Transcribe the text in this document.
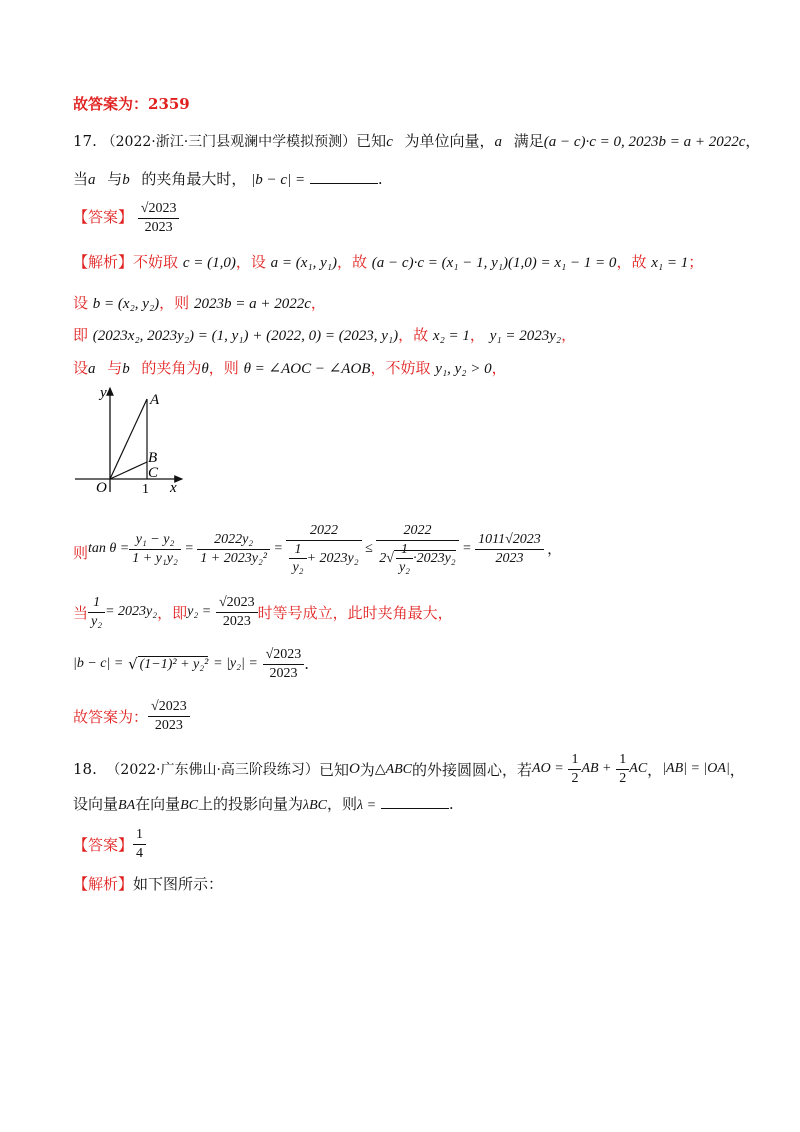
故答案为：2359
17. （2022·浙江·三门县观澜中学模拟预测）已知c⃗为单位向量，a⃗满足(a − c)·c = 0, 2023b = a + 2022c，
当a⃗与b⃗的夹角最大时， |b − c| =	.
【答案】 $\frac{√2023}{2023}$
【解析】不妨取 c = (1,0)，设 a = (x₁, y₁)，故 (a − c)·c = (x₁ − 1, y₁)(1,0) = x₁ − 1 = 0，故 x₁ = 1；
设 b = (x₂, y₂)，则 2023b = a + 2022c，
即 (2023x₂, 2023y₂) = (1, y₁) + (2022, 0) = (2023, y₁)，故 x₂ = 1， y₁ = 2023y₂，
设a⃗与b⃗的夹角为θ，则 θ = ∠AOC − ∠AOB，不妨取 y₁, y₂ > 0，
y
x
O
A
B
C
1
则 $\tan \theta = \frac{\text{y₁ − y₂}}{\text{1 + y₁y₂}} = \frac{\text{2022y₂}}{\text{1 + 2023y₂²}} = \frac{2022}{\frac{1}{\text{y₂}} + 2023y_2} \le \frac{2022}{2√ \frac{1}{\text{y₂}} \cdot 2023y_2} = \frac{1011√2023}{2023}$ ，
当 $\frac{1}{\text{y₂}} = 2023y_2$ ，即 y₂ =
$\frac{√2023}{2023}$ 时等号成立，此时夹角最大，
|b − c| = √ (1−1)² + y₂²
= |y₂| =
$\frac{√2023}{2023}$ .
故答案为： $\frac{√2023}{2023}$
18.
（2022·广东佛山·高三阶段练习） 已知 O 为 △ABC 的外接圆圆心，若 AO =
$\frac{1}{2}$ AB +
$\frac{1}{2}$ AC ， |AB| = |OA| ，
设向量BA在向量BC上的投影向量为λBC，则λ =	.
【答案】 $\frac{1}{4}$
【解析】如下图所示：
